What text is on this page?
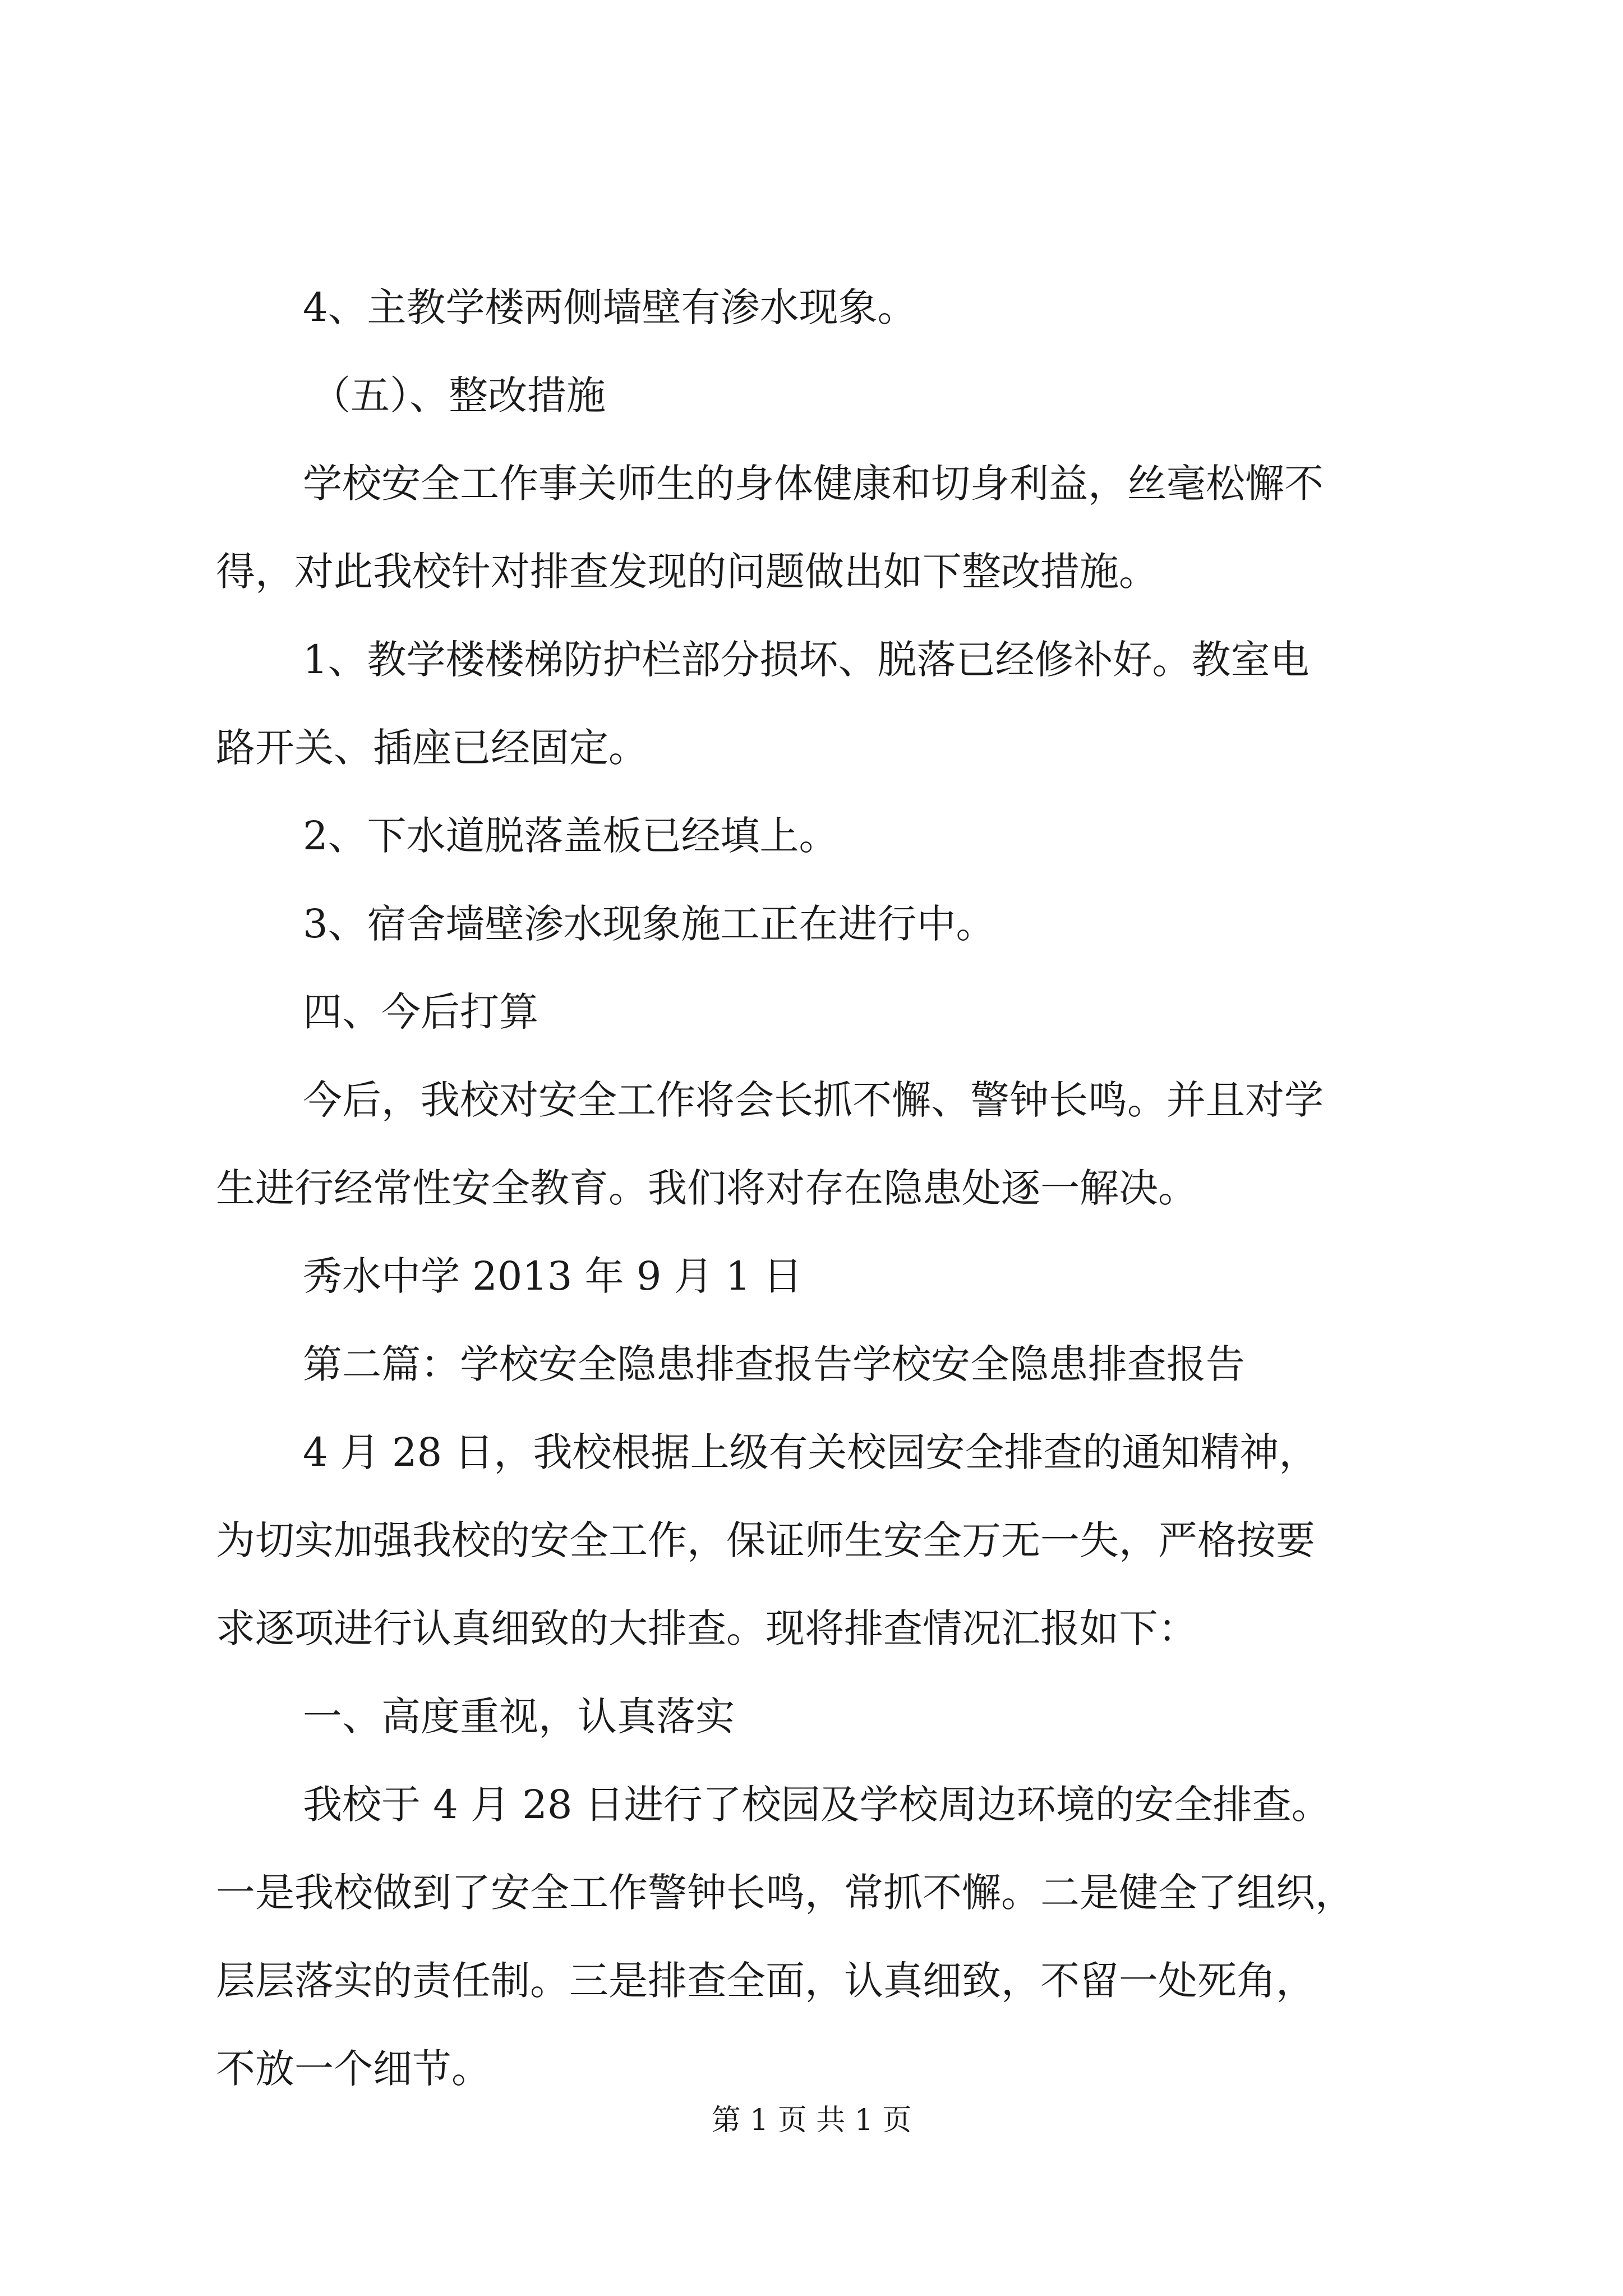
4、主教学楼两侧墙壁有渗水现象。
（五）、整改措施
学校安全工作事关师生的身体健康和切身利益，丝毫松懈不
得，对此我校针对排查发现的问题做出如下整改措施。
1、教学楼楼梯防护栏部分损坏、脱落已经修补好。教室电
路开关、插座已经固定。
2、下水道脱落盖板已经填上。
3、宿舍墙壁渗水现象施工正在进行中。
四、今后打算
今后，我校对安全工作将会长抓不懈、警钟长鸣。并且对学
生进行经常性安全教育。我们将对存在隐患处逐一解决。
秀水中学 2013 年 9 月 1 日
第二篇：学校安全隐患排查报告学校安全隐患排查报告
4 月 28 日，我校根据上级有关校园安全排查的通知精神，
为切实加强我校的安全工作，保证师生安全万无一失，严格按要
求逐项进行认真细致的大排查。现将排查情况汇报如下：
一、高度重视，认真落实
我校于 4 月 28 日进行了校园及学校周边环境的安全排查。
一是我校做到了安全工作警钟长鸣，常抓不懈。二是健全了组织，
层层落实的责任制。三是排查全面，认真细致，不留一处死角，
不放一个细节。
第 1 页 共 1 页
